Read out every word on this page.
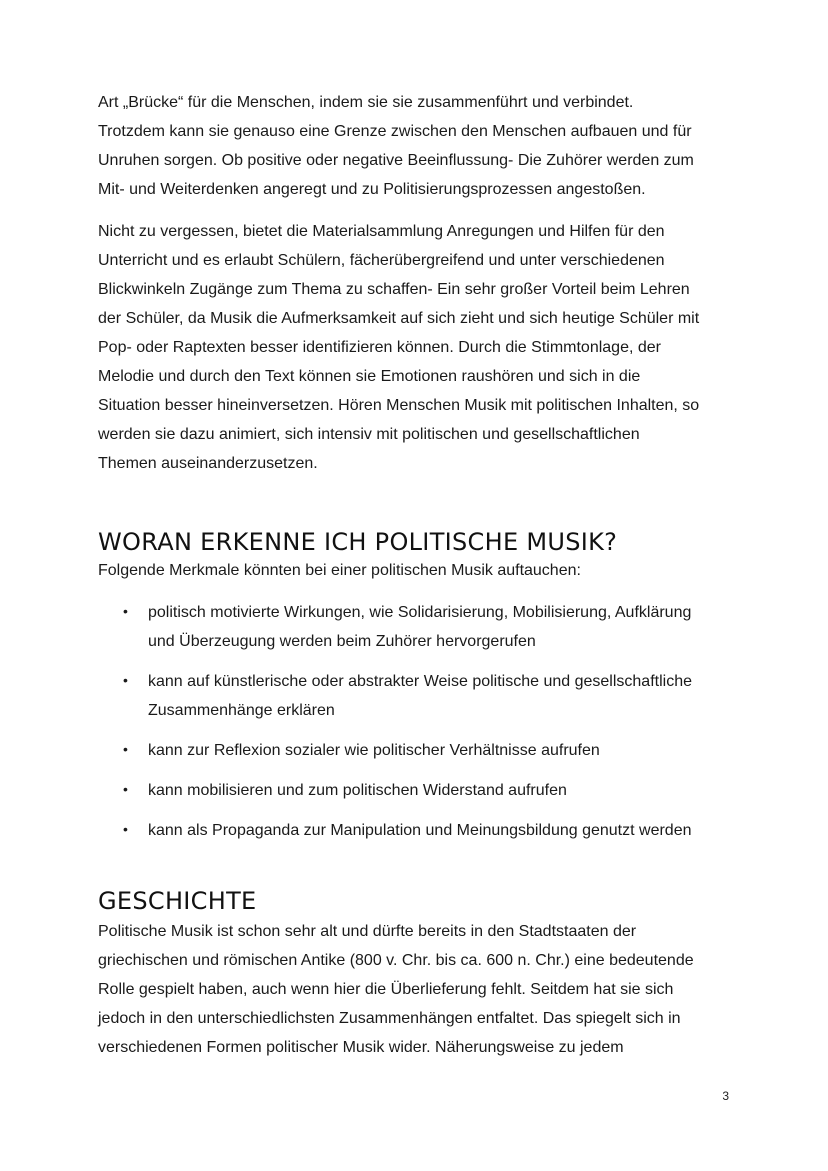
Art „Brücke“ für die Menschen, indem sie sie zusammenführt und verbindet.
Trotzdem kann sie genauso eine Grenze zwischen den Menschen aufbauen und für
Unruhen sorgen. Ob positive oder negative Beeinflussung- Die Zuhörer werden zum
Mit- und Weiterdenken angeregt und zu Politisierungsprozessen angestoßen.

Nicht zu vergessen, bietet die Materialsammlung Anregungen und Hilfen für den
Unterricht und es erlaubt Schülern, fächerübergreifend und unter verschiedenen
Blickwinkeln Zugänge zum Thema zu schaffen- Ein sehr großer Vorteil beim Lehren
der Schüler, da Musik die Aufmerksamkeit auf sich zieht und sich heutige Schüler mit
Pop- oder Raptexten besser identifizieren können. Durch die Stimmtonlage, der
Melodie und durch den Text können sie Emotionen raushören und sich in die
Situation besser hineinversetzen. Hören Menschen Musik mit politischen Inhalten, so
werden sie dazu animiert, sich intensiv mit politischen und gesellschaftlichen
Themen auseinanderzusetzen.

WORAN ERKENNE ICH POLITISCHE MUSIK?

Folgende Merkmale könnten bei einer politischen Musik auftauchen:

• politisch motivierte Wirkungen, wie Solidarisierung, Mobilisierung, Aufklärung
und Überzeugung werden beim Zuhörer hervorgerufen
• kann auf künstlerische oder abstrakter Weise politische und gesellschaftliche
Zusammenhänge erklären
• kann zur Reflexion sozialer wie politischer Verhältnisse aufrufen
• kann mobilisieren und zum politischen Widerstand aufrufen
• kann als Propaganda zur Manipulation und Meinungsbildung genutzt werden
GESCHICHTE

Politische Musik ist schon sehr alt und dürfte bereits in den Stadtstaaten der
griechischen und römischen Antike (800 v. Chr. bis ca. 600 n. Chr.) eine bedeutende
Rolle gespielt haben, auch wenn hier die Überlieferung fehlt. Seitdem hat sie sich
jedoch in den unterschiedlichsten Zusammenhängen entfaltet. Das spiegelt sich in
verschiedenen Formen politischer Musik wider. Näherungsweise zu jedem

3
